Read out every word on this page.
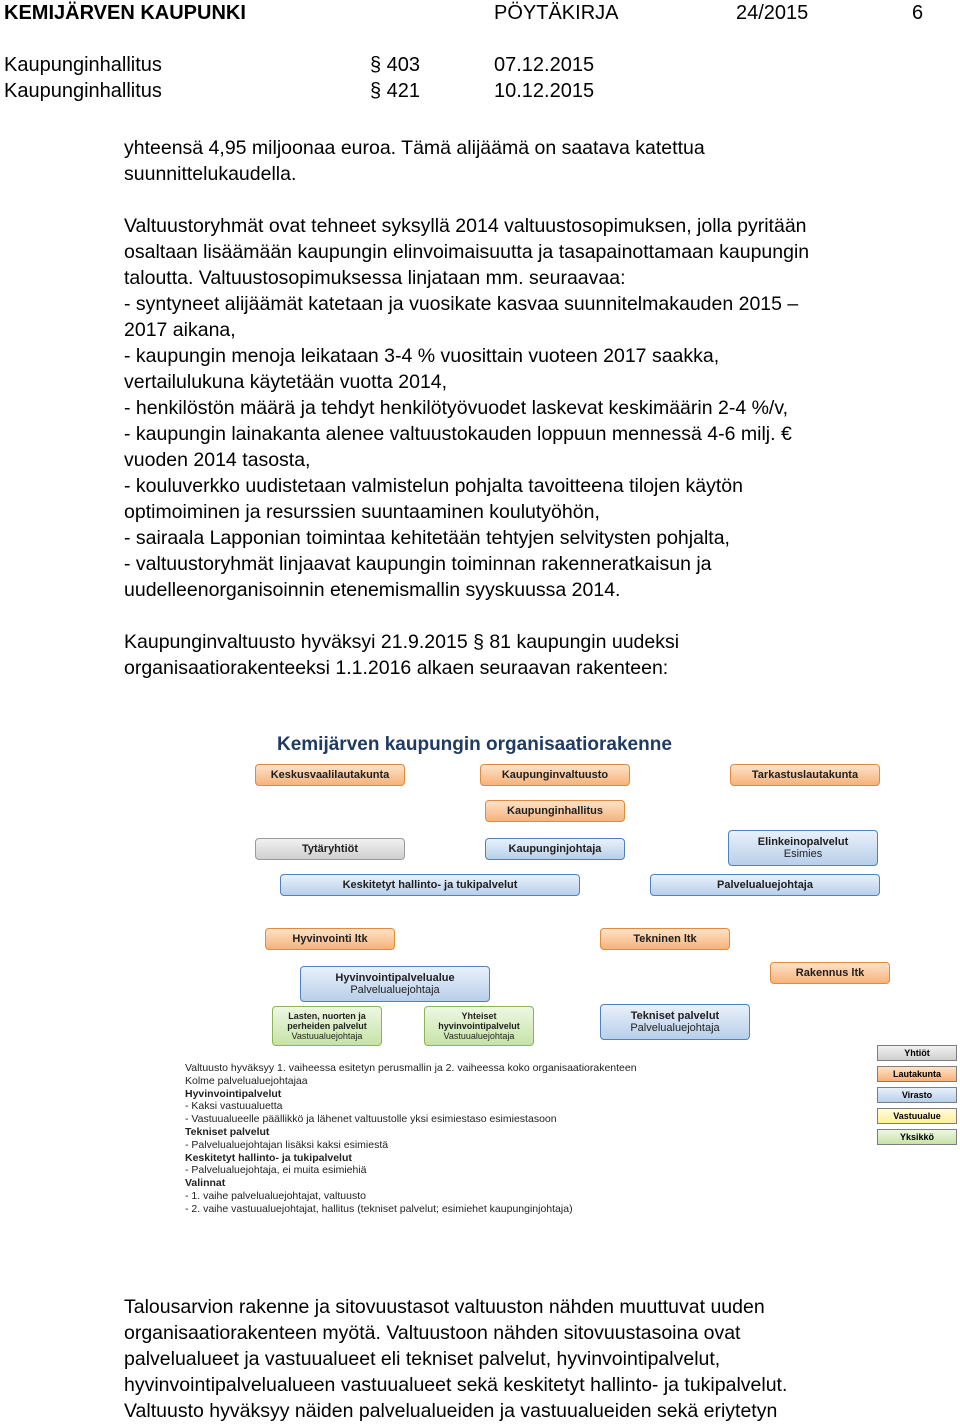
KEMIJÄRVEN KAUPUNKI	PÖYTÄKIRJA	24/2015	6
Kaupunginhallitus	§ 403	07.12.2015
Kaupunginhallitus	§ 421	10.12.2015
yhteensä 4,95 miljoonaa euroa. Tämä alijäämä on saatava katettua
suunnittelukaudella.
Valtuustoryhmät ovat tehneet syksyllä 2014 valtuustosopimuksen, jolla pyritään
osaltaan lisäämään kaupungin elinvoimaisuutta ja tasapainottamaan kaupungin
taloutta. Valtuustosopimuksessa linjataan mm. seuraavaa:
- syntyneet alijäämät katetaan ja vuosikate kasvaa suunnitelmakauden 2015 –
2017 aikana,
- kaupungin menoja leikataan 3-4 % vuosittain vuoteen 2017 saakka,
vertailulukuna käytetään vuotta 2014,
- henkilöstön määrä ja tehdyt henkilötyövuodet laskevat keskimäärin 2-4 %/v,
- kaupungin lainakanta alenee valtuustokauden loppuun mennessä 4-6 milj. €
vuoden 2014 tasosta,
- kouluverkko uudistetaan valmistelun pohjalta tavoitteena tilojen käytön
optimoiminen ja resurssien suuntaaminen koulutyöhön,
- sairaala Lapponian toimintaa kehitetään tehtyjen selvitysten pohjalta,
- valtuustoryhmät linjaavat kaupungin toiminnan rakenneratkaisun ja
uudelleenorganisoinnin etenemismallin syyskuussa 2014.
Kaupunginvaltuusto hyväksyi 21.9.2015 § 81 kaupungin uudeksi
organisaatiorakenteeksi 1.1.2016 alkaen seuraavan rakenteen:
Kemijärven kaupungin organisaatiorakenne
Keskusvaalilautakunta	Kaupunginvaltuusto	Tarkastuslautakunta
Kaupunginhallitus
Tytäryhtiöt	Kaupunginjohtaja
Elinkeinopalvelut
Esimies
Keskitetyt hallinto- ja tukipalvelut	Palvelualuejohtaja
Hyvinvointi ltk	Tekninen ltk
Rakennus ltk
Hyvinvointipalvelualue
Palvelualuejohtaja
Lasten, nuorten ja
perheiden palvelut
Vastuualuejohtaja
Yhteiset
hyvinvointipalvelut
Vastuualuejohtaja
Tekniset palvelut
Palvelualuejohtaja
Yhtiöt
Lautakunta
Virasto
Vastuualue
Yksikkö
Valtuusto hyväksyy 1. vaiheessa esitetyn perusmallin ja 2. vaiheessa koko organisaatiorakenteen
Kolme palvelualuejohtajaa
Hyvinvointipalvelut
- Kaksi vastuualuetta
- Vastuualueelle päällikkö ja lähenet valtuustolle yksi esimiestaso esimiestasoon
Tekniset palvelut
- Palvelualuejohtajan lisäksi kaksi esimiestä
Keskitetyt hallinto- ja tukipalvelut
- Palvelualuejohtaja, ei muita esimiehiä
Valinnat
- 1. vaihe palvelualuejohtajat, valtuusto
- 2. vaihe vastuualuejohtajat, hallitus (tekniset palvelut; esimiehet kaupunginjohtaja)
Talousarvion rakenne ja sitovuustasot valtuuston nähden muuttuvat uuden
organisaatiorakenteen myötä. Valtuustoon nähden sitovuustasoina ovat
palvelualueet ja vastuualueet eli tekniset palvelut, hyvinvointipalvelut,
hyvinvointipalvelualueen vastuualueet sekä keskitetyt hallinto- ja tukipalvelut.
Valtuusto hyväksyy näiden palvelualueiden ja vastuualueiden sekä eriytetyn
